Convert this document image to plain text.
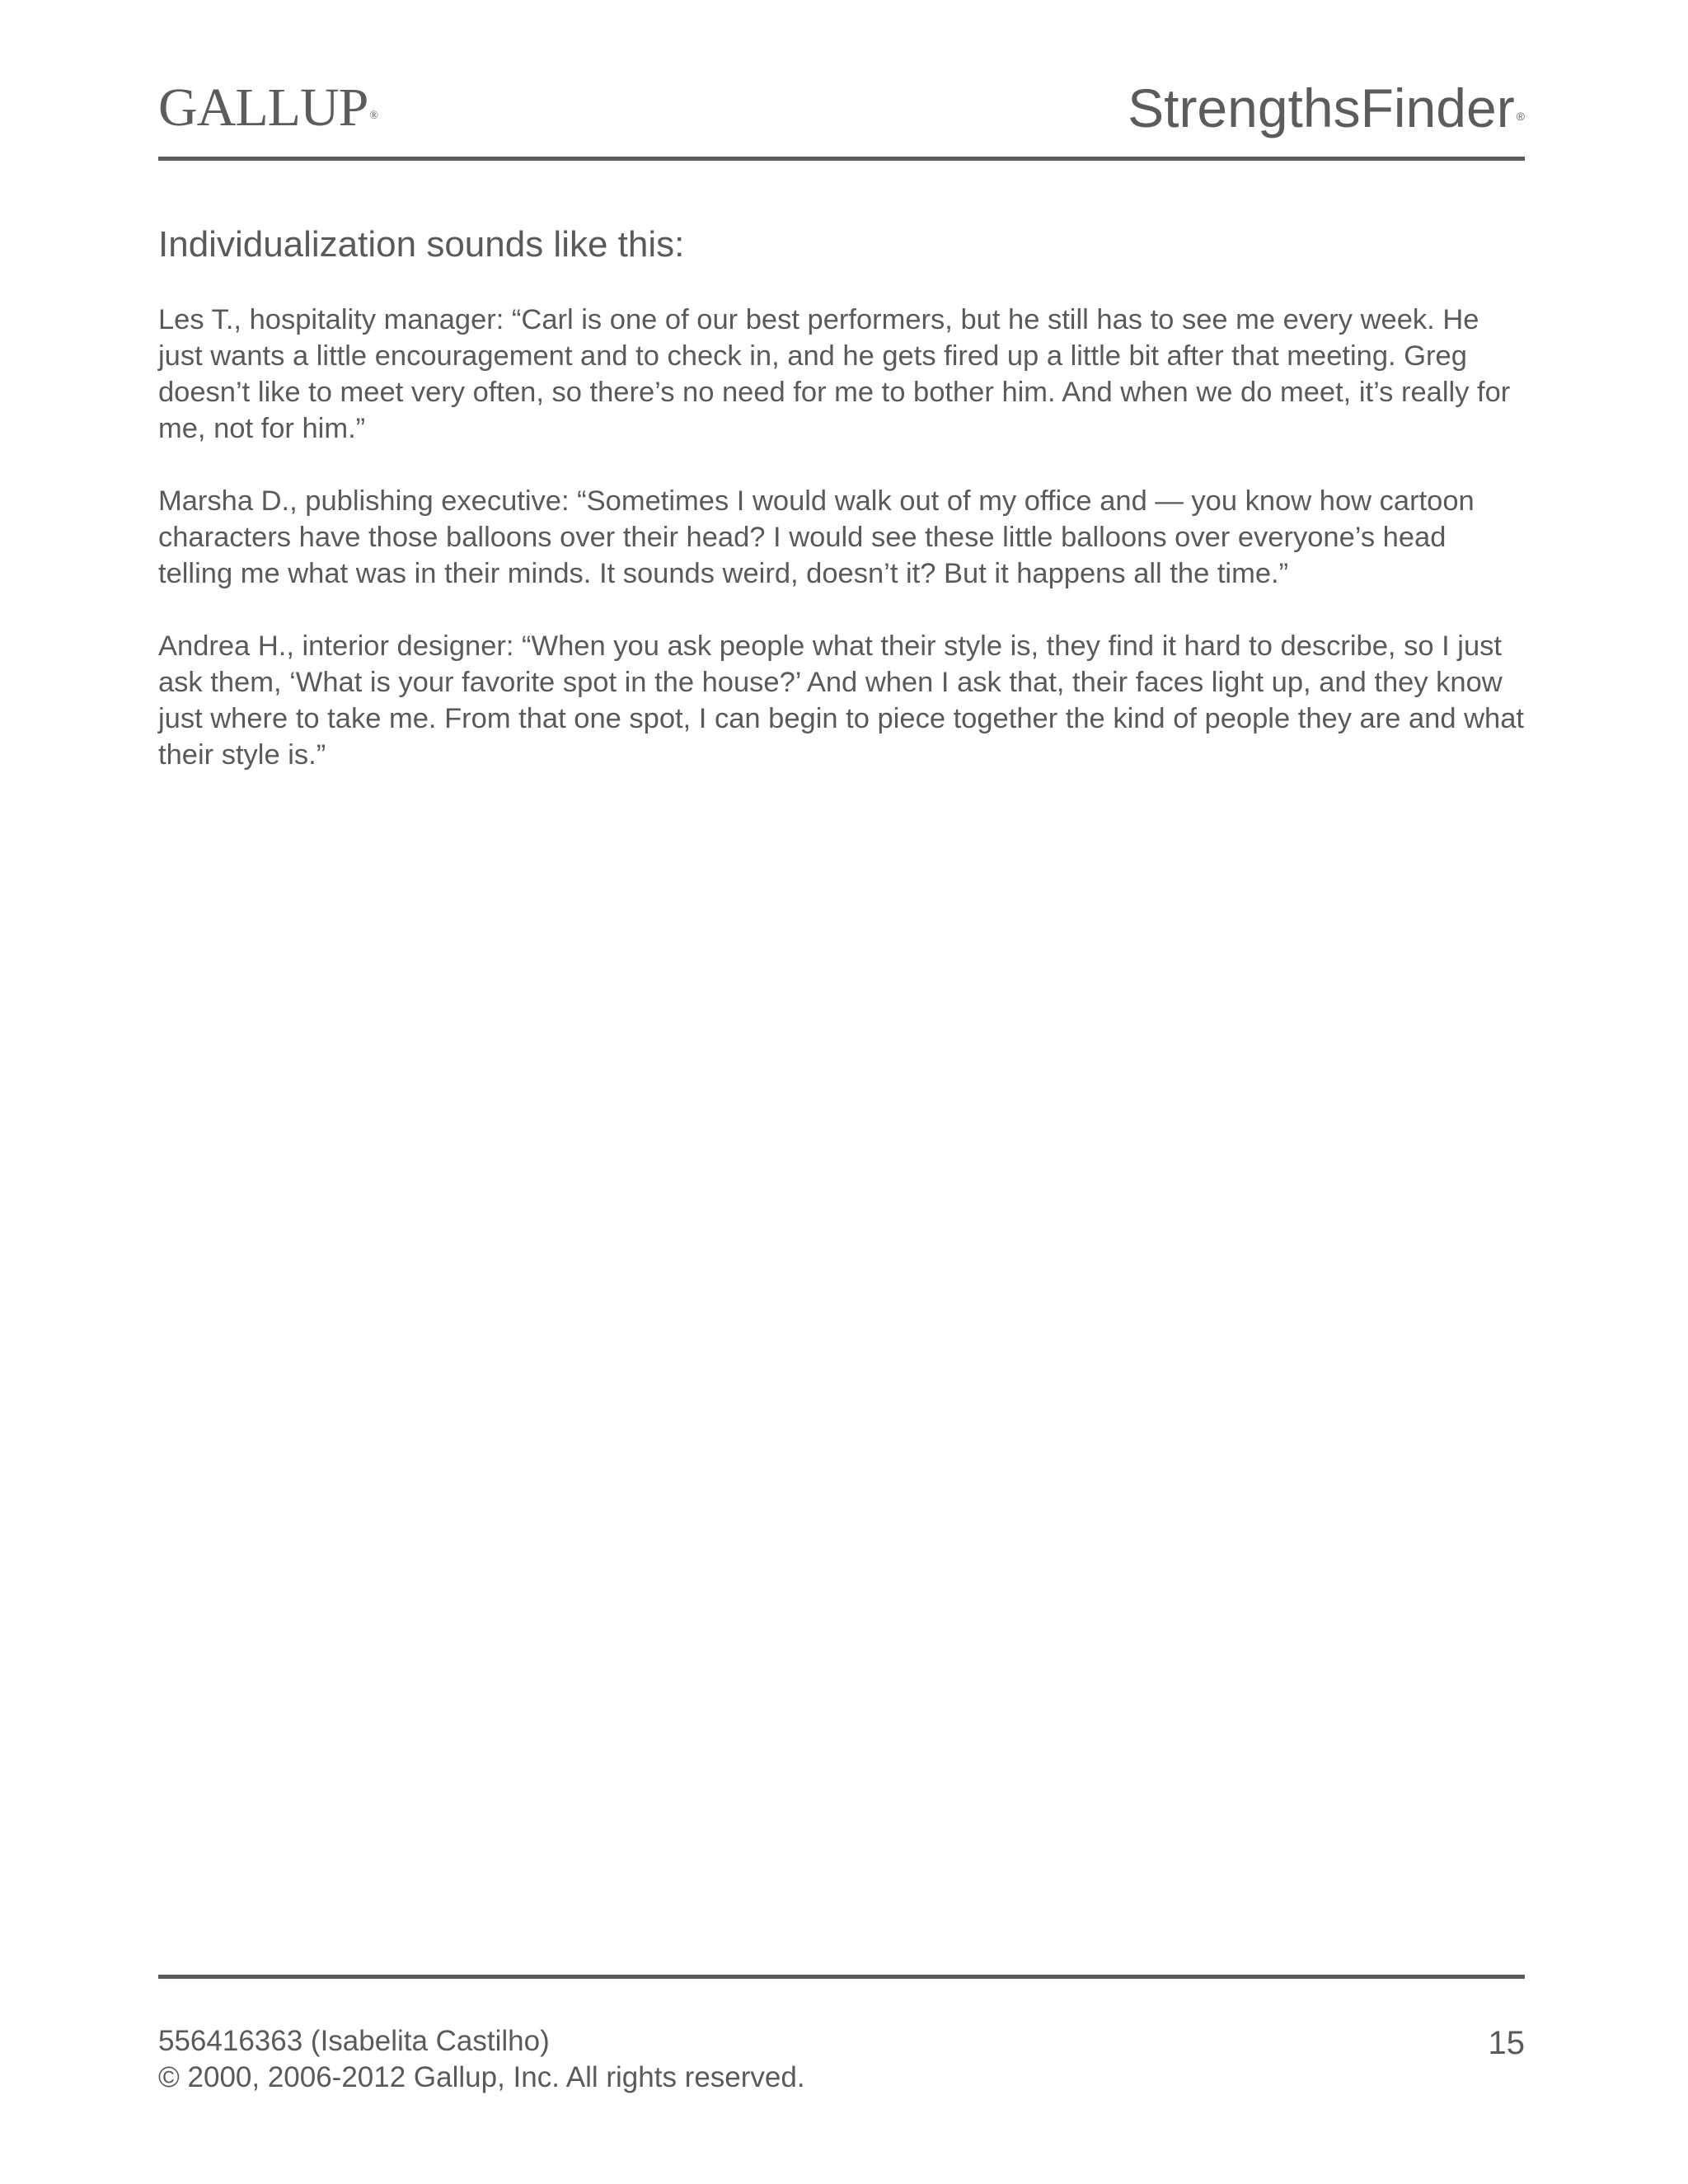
GALLUP ®	StrengthsFinder ®
Individualization sounds like this:

Les T., hospitality manager: “Carl is one of our best performers, but he still has to see me every week. He just wants a little encouragement and to check in, and he gets fired up a little bit after that meeting. Greg doesn’t like to meet very often, so there’s no need for me to bother him. And when we do meet, it’s really for me, not for him.”

Marsha D., publishing executive: “Sometimes I would walk out of my office and — you know how cartoon characters have those balloons over their head? I would see these little balloons over everyone’s head telling me what was in their minds. It sounds weird, doesn’t it? But it happens all the time.”

Andrea H., interior designer: “When you ask people what their style is, they find it hard to describe, so I just ask them, ‘What is your favorite spot in the house?’ And when I ask that, their faces light up, and they know just where to take me. From that one spot, I can begin to piece together the kind of people they are and what their style is.”

556416363 (Isabelita Castilho)
© 2000, 2006-2012 Gallup, Inc. All rights reserved.
15
